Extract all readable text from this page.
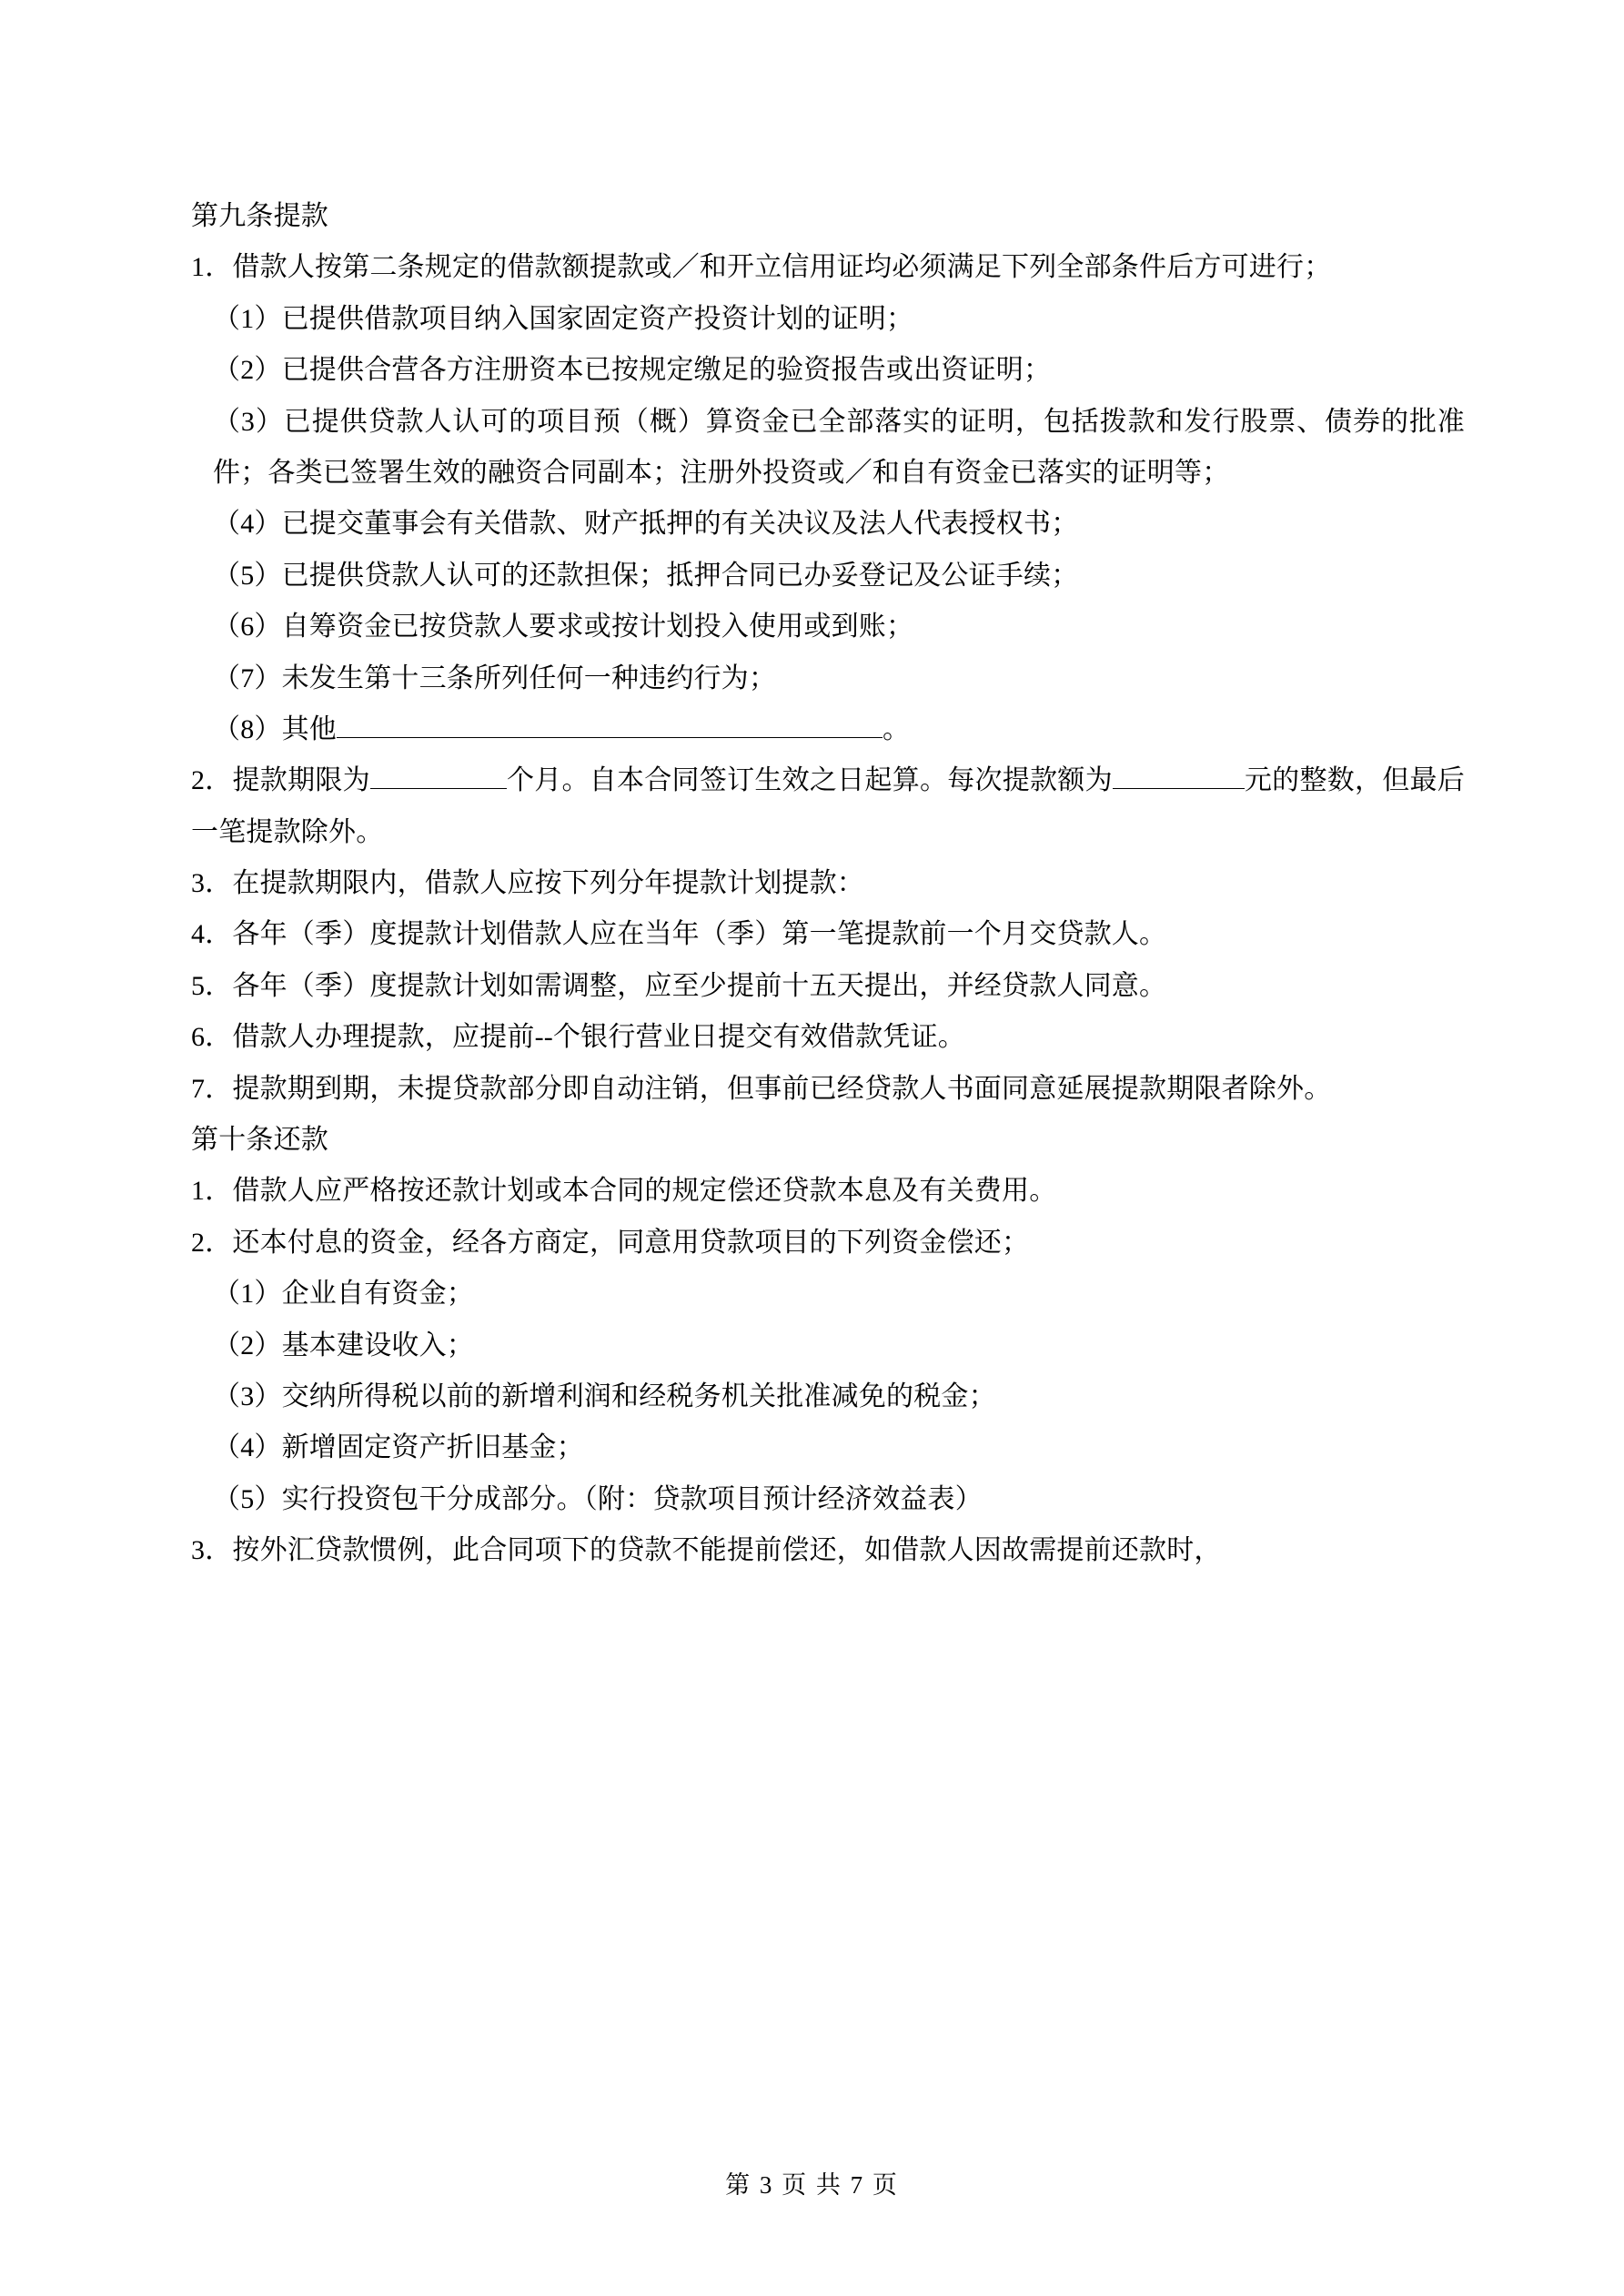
第九条提款

1．借款人按第二条规定的借款额提款或／和开立信用证均必须满足下列全部条件后方可进行；

（1）已提供借款项目纳入国家固定资产投资计划的证明；

（2）已提供合营各方注册资本已按规定缴足的验资报告或出资证明；

（3）已提供贷款人认可的项目预（概）算资金已全部落实的证明，包括拨款和发行股票、债券的批准件；各类已签署生效的融资合同副本；注册外投资或／和自有资金已落实的证明等；

（4）已提交董事会有关借款、财产抵押的有关决议及法人代表授权书；

（5）已提供贷款人认可的还款担保；抵押合同已办妥登记及公证手续；

（6）自筹资金已按贷款人要求或按计划投入使用或到账；

（7）未发生第十三条所列任何一种违约行为；

（8）其他	。

2．提款期限为	个月。自本合同签订生效之日起算。每次提款额为	元的整数，但最后一笔提款除外。

3．在提款期限内，借款人应按下列分年提款计划提款：

4．各年（季）度提款计划借款人应在当年（季）第一笔提款前一个月交贷款人。

5．各年（季）度提款计划如需调整，应至少提前十五天提出，并经贷款人同意。

6．借款人办理提款，应提前--个银行营业日提交有效借款凭证。

7．提款期到期，未提贷款部分即自动注销，但事前已经贷款人书面同意延展提款期限者除外。

第十条还款

1．借款人应严格按还款计划或本合同的规定偿还贷款本息及有关费用。

2．还本付息的资金，经各方商定，同意用贷款项目的下列资金偿还；

（1）企业自有资金；

（2）基本建设收入；

（3）交纳所得税以前的新增利润和经税务机关批准减免的税金；

（4）新增固定资产折旧基金；

（5）实行投资包干分成部分。（附：贷款项目预计经济效益表）

3．按外汇贷款惯例，此合同项下的贷款不能提前偿还，如借款人因故需提前还款时，

第 3 页 共 7 页
